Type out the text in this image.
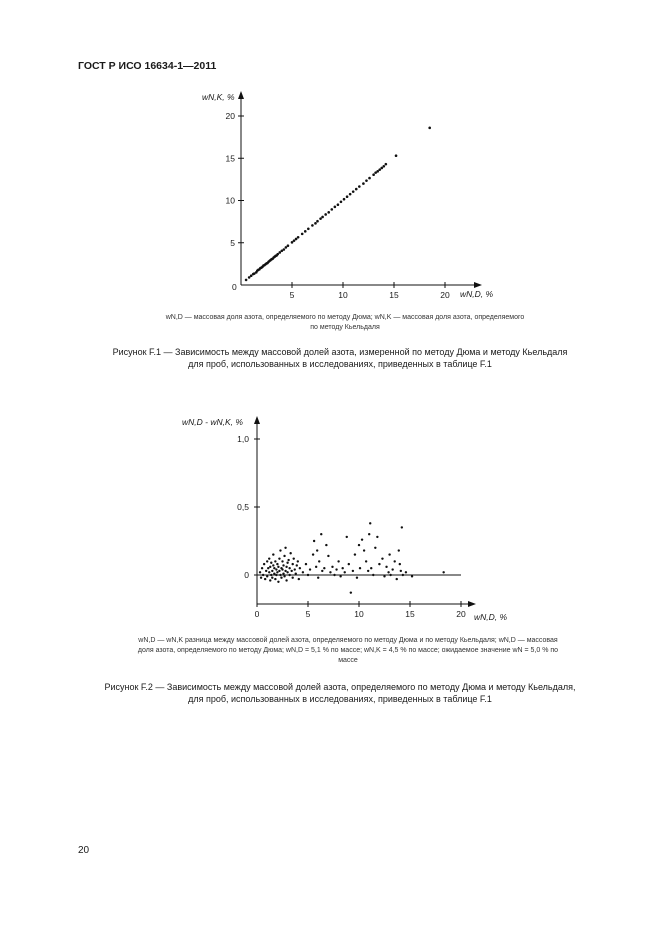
ГОСТ Р ИСО 16634-1—2011
wN,K, %
wN,D, %
0
5	10	15	20
5
10
15
20
wN,D — массовая доля азота, определяемого по методу Дюма; wN,K — массовая доля азота, определяемого
по методу Кьельдаля
Рисунок F.1 — Зависимость между массовой долей азота, измеренной по методу Дюма и методу Кьельдаля
для проб, использованных в исследованиях, приведенных в таблице F.1
wN,D - wN,K, %
wN,D, %
0	5	10	15	20
0
0,5
1,0
wN,D — wN,K разница между массовой долей азота, определяемого по методу Дюма и по методу Кьельдаля; wN,D — массовая
доля азота, определяемого по методу Дюма; wN,D = 5,1 % по массе; wN,K = 4,5 % по массе; ожидаемое значение wN = 5,0 % по
массе
Рисунок F.2 — Зависимость между массовой долей азота, определяемого по методу Дюма и методу Кьельдаля,
для проб, использованных в исследованиях, приведенных в таблице F.1
20
